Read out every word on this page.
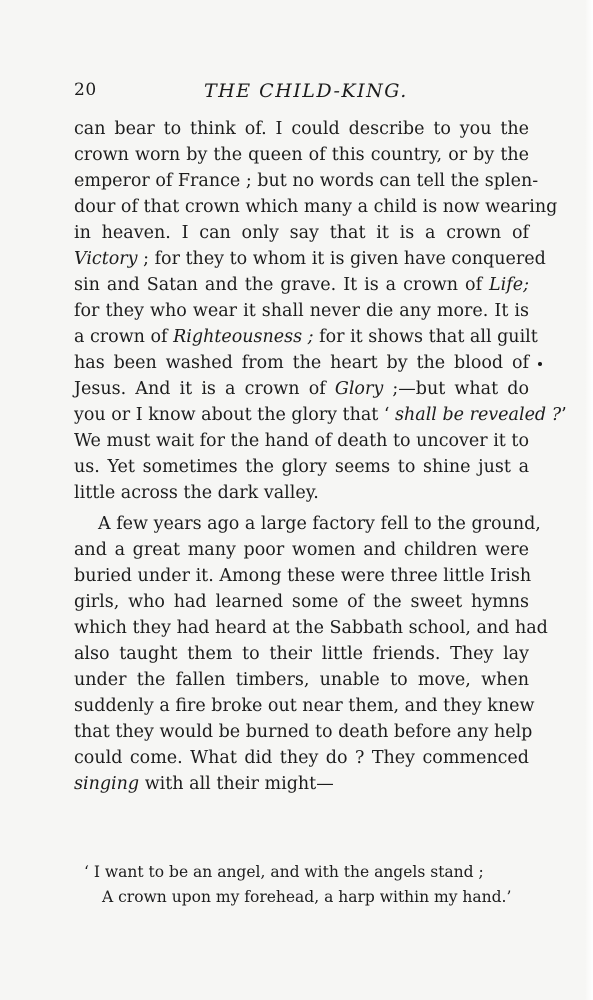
20	THE CHILD-KING.
can bear to think of. I could describe to you the
crown worn by the queen of this country, or by the
emperor of France ; but no words can tell the splen-
dour of that crown which many a child is now wearing
in heaven. I can only say that it is a crown of
Victory ; for they to whom it is given have conquered
sin and Satan and the grave. It is a crown of Life;
for they who wear it shall never die any more. It is
a crown of Righteousness ; for it shows that all guilt
has been washed from the heart by the blood of
Jesus. And it is a crown of Glory ;—but what do
you or I know about the glory that ‘ shall be revealed ?’
We must wait for the hand of death to uncover it to
us. Yet sometimes the glory seems to shine just a
little across the dark valley.
A few years ago a large factory fell to the ground,
and a great many poor women and children were
buried under it. Among these were three little Irish
girls, who had learned some of the sweet hymns
which they had heard at the Sabbath school, and had
also taught them to their little friends. They lay
under the fallen timbers, unable to move, when
suddenly a fire broke out near them, and they knew
that they would be burned to death before any help
could come. What did they do ? They commenced
singing with all their might—
‘ I want to be an angel, and with the angels stand ;
A crown upon my forehead, a harp within my hand.’
